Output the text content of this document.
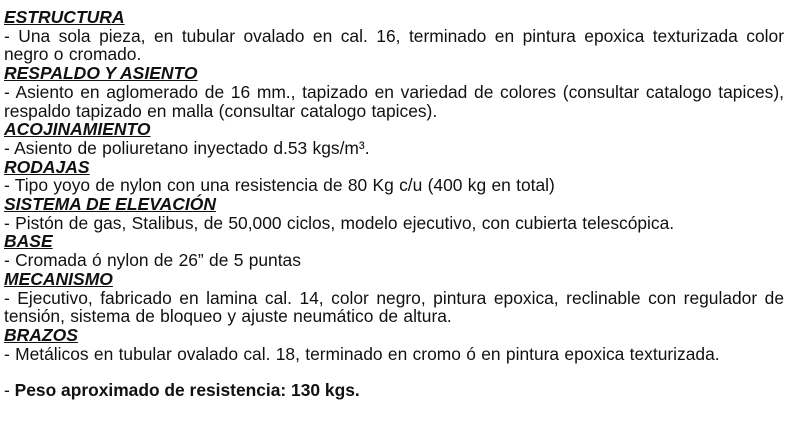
ESTRUCTURA
- Una sola pieza, en tubular ovalado en cal. 16, terminado en pintura epoxica texturizada color negro o cromado.
RESPALDO Y ASIENTO
- Asiento en aglomerado de 16 mm., tapizado en variedad de colores (consultar catalogo tapices), respaldo tapizado en malla (consultar catalogo tapices).
ACOJINAMIENTO
- Asiento de poliuretano inyectado d.53 kgs/m³.
RODAJAS
- Tipo yoyo de nylon con una resistencia de 80 Kg c/u (400 kg en total)
SISTEMA DE ELEVACIÓN
- Pistón de gas, Stalibus, de 50,000 ciclos, modelo ejecutivo, con cubierta telescópica.
BASE
- Cromada ó nylon de 26” de 5 puntas
MECANISMO
- Ejecutivo, fabricado en lamina cal. 14, color negro, pintura epoxica, reclinable con regulador de tensión, sistema de bloqueo y ajuste neumático de altura.
BRAZOS
- Metálicos en tubular ovalado cal. 18, terminado en cromo ó en pintura epoxica texturizada.
- Peso aproximado de resistencia: 130 kgs.
